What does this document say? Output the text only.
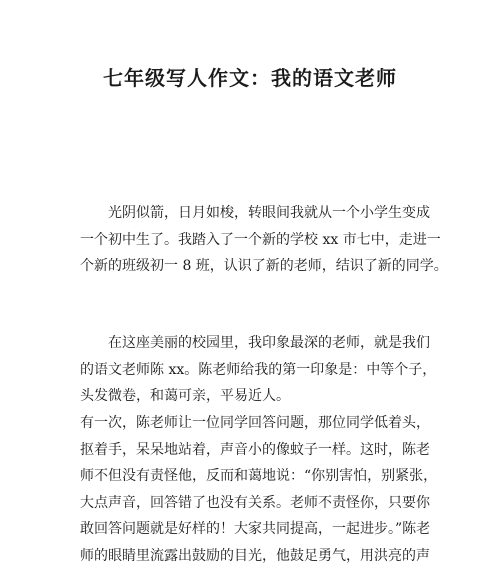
七年级写人作文：我的语文老师
　　光阴似箭，日月如梭，转眼间我就从一个小学生变成
一个初中生了。我踏入了一个新的学校 xx 市七中，走进一
个新的班级初一 8 班，认识了新的老师，结识了新的同学。
　　在这座美丽的校园里，我印象最深的老师，就是我们
的语文老师陈 xx。陈老师给我的第一印象是：中等个子，
头发微卷，和蔼可亲，平易近人。
有一次，陈老师让一位同学回答问题，那位同学低着头，
抠着手，呆呆地站着，声音小的像蚊子一样。这时，陈老
师不但没有责怪他，反而和蔼地说：“你别害怕，别紧张，
大点声音，回答错了也没有关系。老师不责怪你，只要你
敢回答问题就是好样的！大家共同提高，一起进步。”陈老
师的眼睛里流露出鼓励的目光，他鼓足勇气，用洪亮的声
